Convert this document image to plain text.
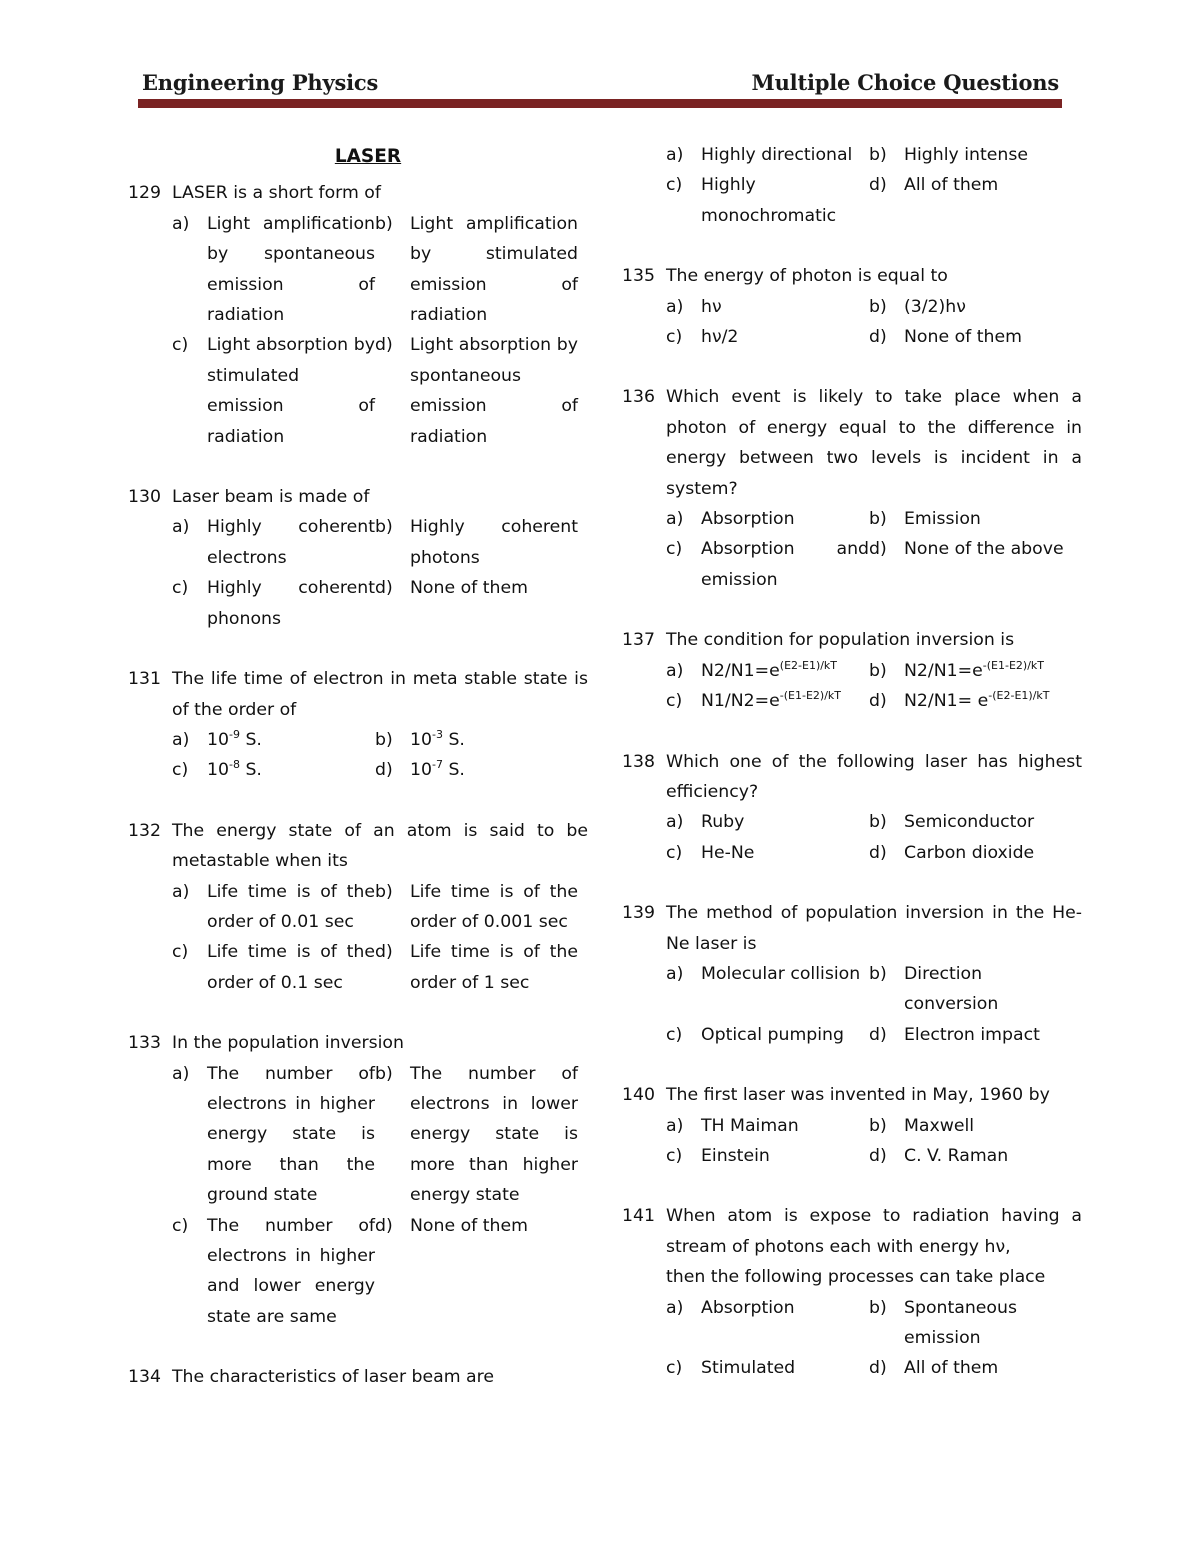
Engineering Physics	Multiple Choice Questions
LASER
129 LASER is a short form of
a)	Light amplification by spontaneous emission of radiation
b) Light amplification by stimulated emission of radiation
c)	Light absorption by stimulated emission of radiation
d) Light absorption by spontaneous emission of radiation
130 Laser beam is made of
a)	Highly coherent electrons
b) Highly coherent photons
c)	Highly coherent phonons
d) None of them
131 The life time of electron in meta stable state is of the order of
a)	$10^{-9}$ S.	b) $10^{-3}$ S.
c)	$10^{-8}$ S.	d) $10^{-7}$ S.
132 The energy state of an atom is said to be metastable when its
a)	Life time is of the order of 0.01 sec
b) Life time is of the order of 0.001 sec
c)	Life time is of the order of 0.1 sec
d) Life time is of the order of 1 sec
133 In the population inversion
a)	The number of electrons in higher energy state is more than the ground state
b) The number of electrons in lower energy state is more than higher energy state
c)	The number of electrons in higher and lower energy state are same
d) None of them
134 The characteristics of laser beam are
a)	Highly directional b) Highly intense
c)	Highly monochromatic
d) All of them
135 The energy of photon is equal to
a)	hν	b) (3/2)hν
c)	hν/2	d) None of them
136 Which event is likely to take place when a photon of energy equal to the difference in energy between two levels is incident in a system?
a)	Absorption	b) Emission
c)	Absorption and emission
d) None of the above
137 The condition for population inversion is
a)	$N2/N1=e^{(E2-E1)/kT}$	b) $N2/N1=e^{-(E1-E2)/kT}$
c)	$N1/N2=e^{-(E1-E2)/kT}$	d) $N2/N1= e^{-(E2-E1)/kT}$
138 Which one of the following laser has highest efficiency?
a)	Ruby	b) Semiconductor
c)	He-Ne	d) Carbon dioxide
139 The method of population inversion in the He-Ne laser is
a)	Molecular collision b) Direction conversion
c)	Optical pumping	d) Electron impact
140 The first laser was invented in May, 1960 by
a)	TH Maiman	b) Maxwell
c)	Einstein	d) C. V. Raman
141 When atom is expose to radiation having a stream of photons each with energy hν,
then the following processes can take place
a)	Absorption	b) Spontaneous emission
c)	Stimulated	d) All of them
